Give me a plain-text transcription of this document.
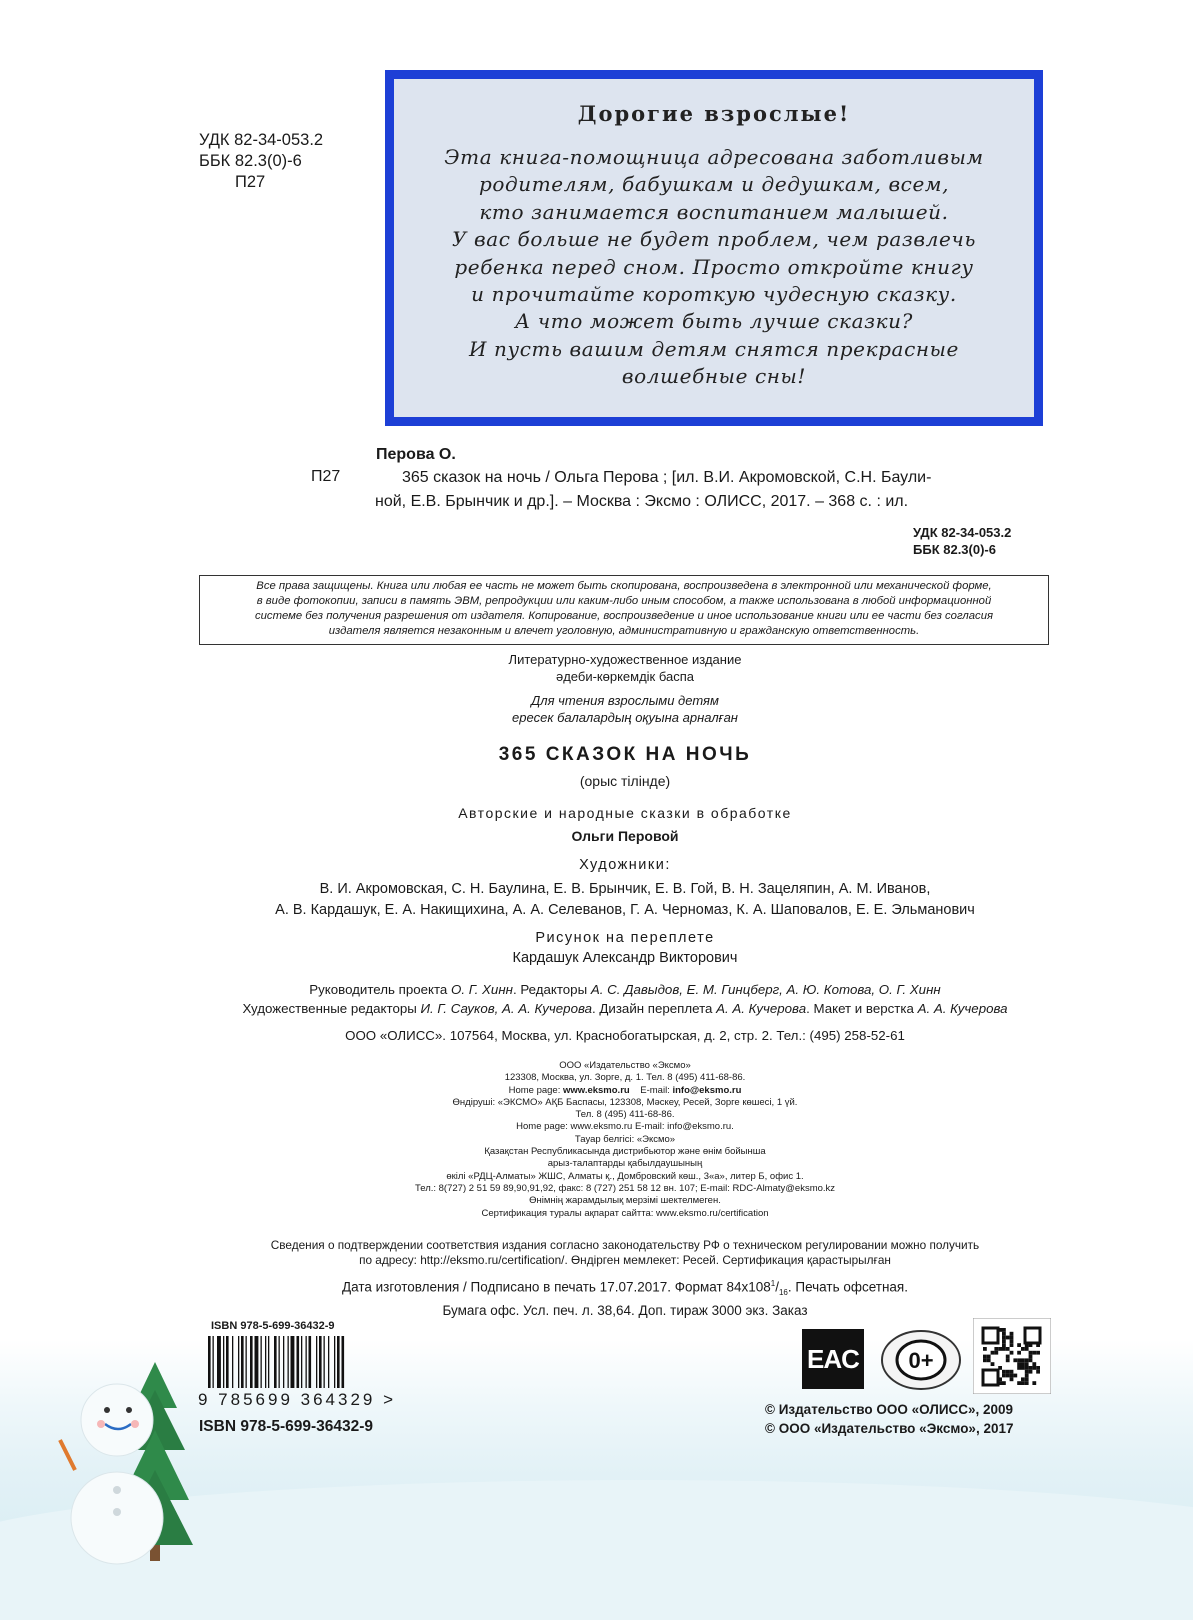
УДК 82-34-053.2
ББК 82.3(0)-6
П27
Дорогие взрослые!
Эта книга-помощница адресована заботливым
родителям, бабушкам и дедушкам, всем,
кто занимается воспитанием малышей.
У вас больше не будет проблем, чем развлечь
ребенка перед сном. Просто откройте книгу
и прочитайте короткую чудесную сказку.
А что может быть лучше сказки?
И пусть вашим детям снятся прекрасные
волшебные сны!
Перова О.
П27	365 сказок на ночь / Ольга Перова ; [ил. В.И. Акромовской, С.Н. Баули-
ной, Е.В. Брынчик и др.]. – Москва : Эксмо : ОЛИСС, 2017. – 368 с. : ил.
УДК 82-34-053.2
ББК 82.3(0)-6
Все права защищены. Книга или любая ее часть не может быть скопирована, воспроизведена в электронной или механической форме,
в виде фотокопии, записи в память ЭВМ, репродукции или каким-либо иным способом, а также использована в любой информационной
системе без получения разрешения от издателя. Копирование, воспроизведение и иное использование книги или ее части без согласия
издателя является незаконным и влечет уголовную, административную и гражданскую ответственность.
Литературно-художественное издание
әдеби-көркемдік баспа
Для чтения взрослыми детям
ересек балалардың оқуына арналған
365 СКАЗОК НА НОЧЬ
(орыс тілінде)
Авторские и народные сказки в обработке
Ольги Перовой
Художники:
В. И. Акромовская, С. Н. Баулина, Е. В. Брынчик, Е. В. Гой, В. Н. Зацеляпин, А. М. Иванов,
А. В. Кардашук, Е. А. Накищихина, А. А. Селеванов, Г. А. Черномаз, К. А. Шаповалов, Е. Е. Эльманович
Рисунок на переплете
Кардашук Александр Викторович
Руководитель проекта О. Г. Хинн. Редакторы А. С. Давыдов, Е. М. Гинцберг, А. Ю. Котова, О. Г. Хинн
Художественные редакторы И. Г. Сауков, А. А. Кучерова. Дизайн переплета А. А. Кучерова. Макет и верстка А. А. Кучерова
ООО «ОЛИСС». 107564, Москва, ул. Краснобогатырская, д. 2, стр. 2. Тел.: (495) 258-52-61
ООО «Издательство «Эксмо»
123308, Москва, ул. Зорге, д. 1. Тел. 8 (495) 411-68-86.
Home page: www.eksmo.ru E-mail: info@eksmo.ru
Өндіруші: «ЭКСМО» АҚБ Баспасы, 123308, Мәскеу, Ресей, Зорге көшесі, 1 үй.
Тел. 8 (495) 411-68-86.
Home page: www.eksmo.ru E-mail: info@eksmo.ru.
Тауар белгісі: «Эксмо»
Қазақстан Республикасында дистрибьютор және өнім бойынша
арыз-талаптарды қабылдаушының
өкілі «РДЦ-Алматы» ЖШС, Алматы қ., Домбровский көш., 3«а», литер Б, офис 1.
Тел.: 8(727) 2 51 59 89,90,91,92, факс: 8 (727) 251 58 12 вн. 107; E-mail: RDC-Almaty@eksmo.kz
Өнімнің жарамдылық мерзімі шектелмеген.
Сертификация туралы ақпарат сайтта: www.eksmo.ru/certification
Сведения о подтверждении соответствия издания согласно законодательству РФ о техническом регулировании можно получить
по адресу: http://eksmo.ru/certification/. Өндірген мемлекет: Ресей. Сертификация қарастырылған
Дата изготовления / Подписано в печать 17.07.2017. Формат $84х108^1/_{16}$. Печать офсетная.
Бумага офс. Усл. печ. л. 38,64. Доп. тираж 3000 экз. Заказ
ISBN 978-5-699-36432-9
9 785699 364329 >
ISBN 978-5-699-36432-9
EAC 0+
© Издательство ООО «ОЛИСС», 2009
© ООО «Издательство «Эксмо», 2017
